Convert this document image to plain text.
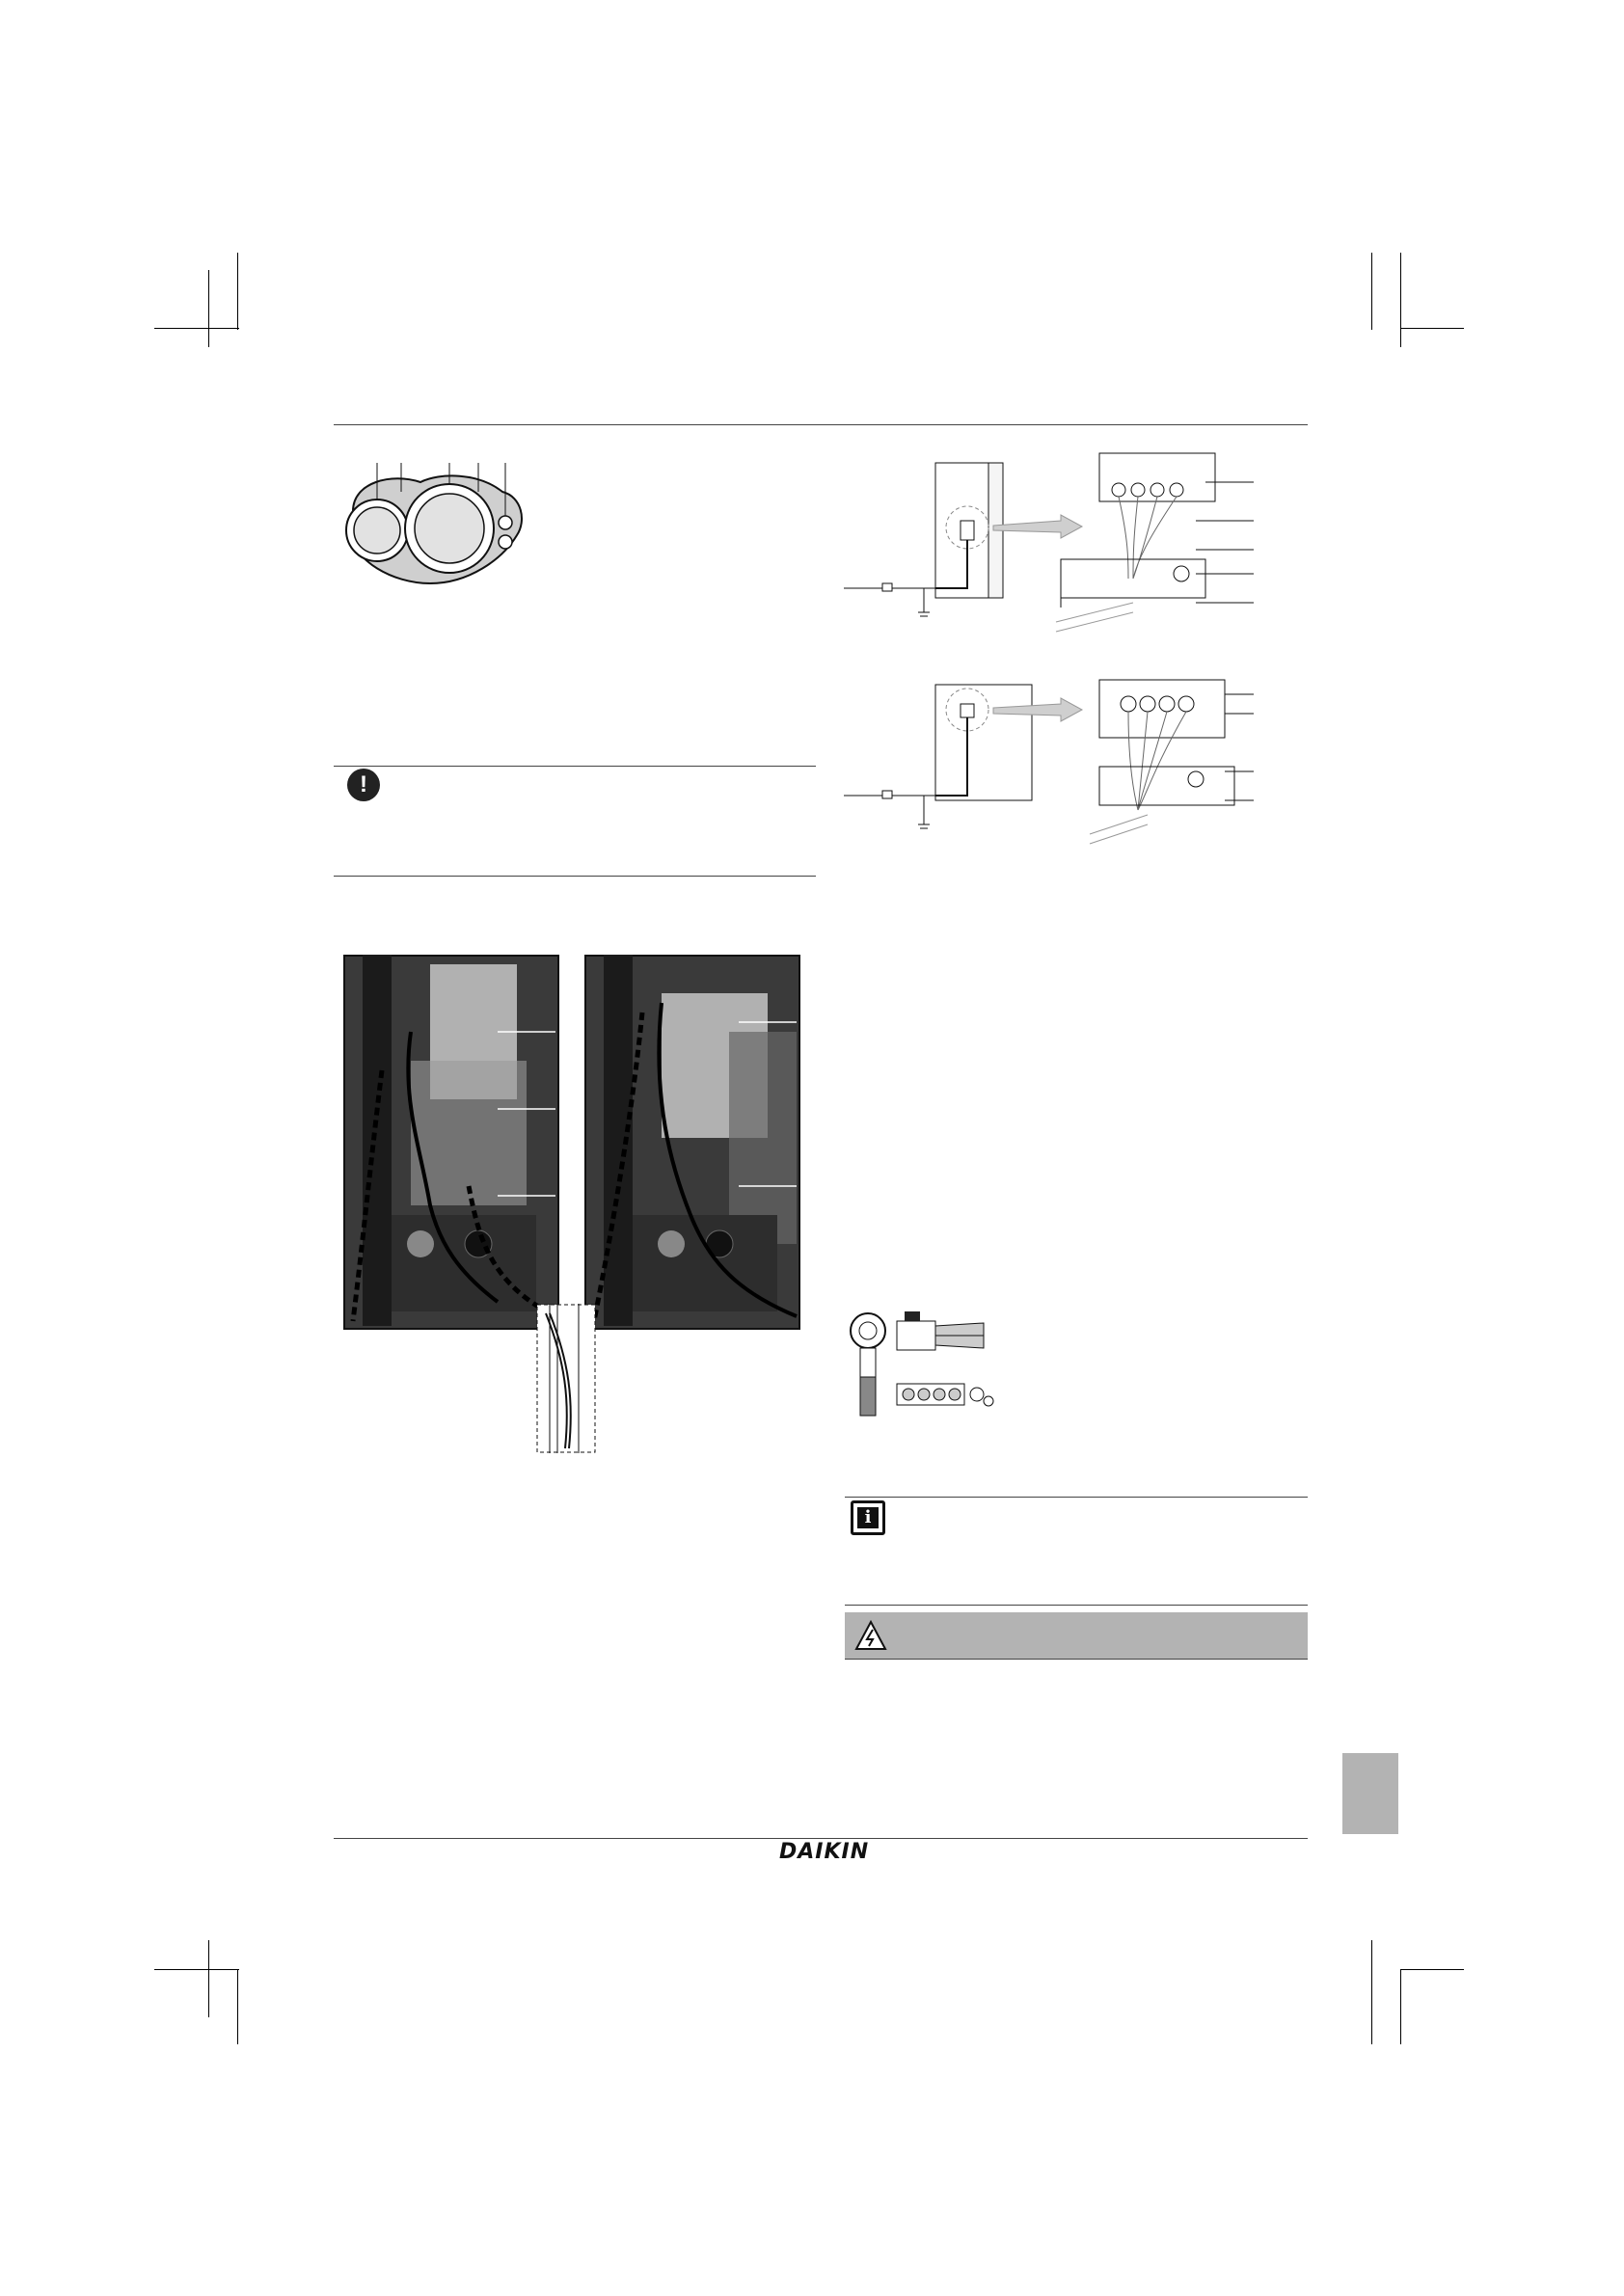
!
i
DAIKIN
